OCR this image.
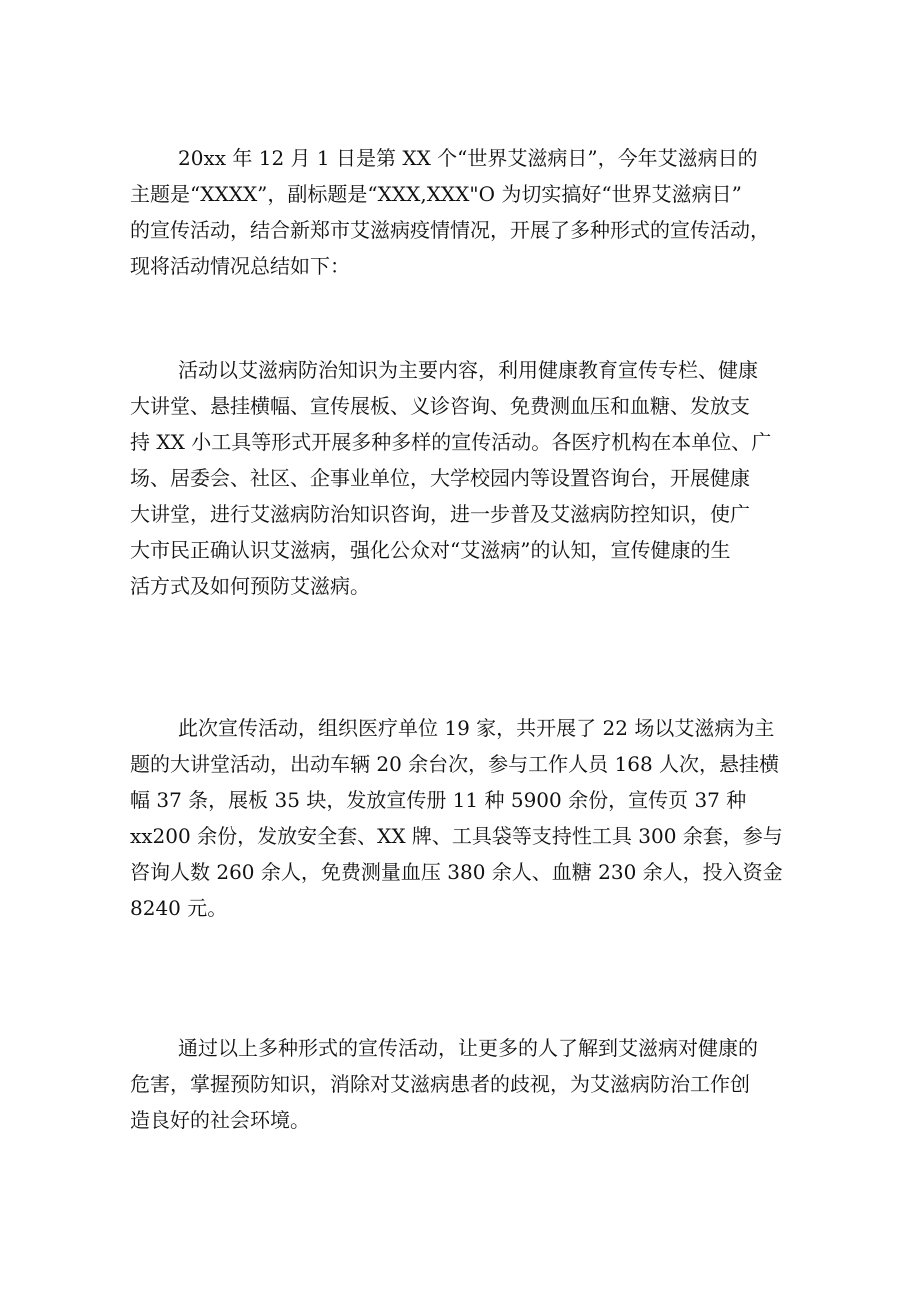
20xx 年 12 月 1 日是第 XX 个“世界艾滋病日”，今年艾滋病日的
主题是“XXXX”，副标题是“XXX,XXX"O 为切实搞好“世界艾滋病日”
的宣传活动，结合新郑市艾滋病疫情情况，开展了多种形式的宣传活动，
现将活动情况总结如下：
活动以艾滋病防治知识为主要内容，利用健康教育宣传专栏、健康
大讲堂、悬挂横幅、宣传展板、义诊咨询、免费测血压和血糖、发放支
持 XX 小工具等形式开展多种多样的宣传活动。各医疗机构在本单位、广
场、居委会、社区、企事业单位，大学校园内等设置咨询台，开展健康
大讲堂，进行艾滋病防治知识咨询，进一步普及艾滋病防控知识，使广
大市民正确认识艾滋病，强化公众对“艾滋病”的认知，宣传健康的生
活方式及如何预防艾滋病。
此次宣传活动，组织医疗单位 19 家，共开展了 22 场以艾滋病为主
题的大讲堂活动，出动车辆 20 余台次，参与工作人员 168 人次，悬挂横
幅 37 条，展板 35 块，发放宣传册 11 种 5900 余份，宣传页 37 种
xx200 余份，发放安全套、XX 牌、工具袋等支持性工具 300 余套，参与
咨询人数 260 余人，免费测量血压 380 余人、血糖 230 余人，投入资金
8240 元。
通过以上多种形式的宣传活动，让更多的人了解到艾滋病对健康的
危害，掌握预防知识，消除对艾滋病患者的歧视，为艾滋病防治工作创
造良好的社会环境。
